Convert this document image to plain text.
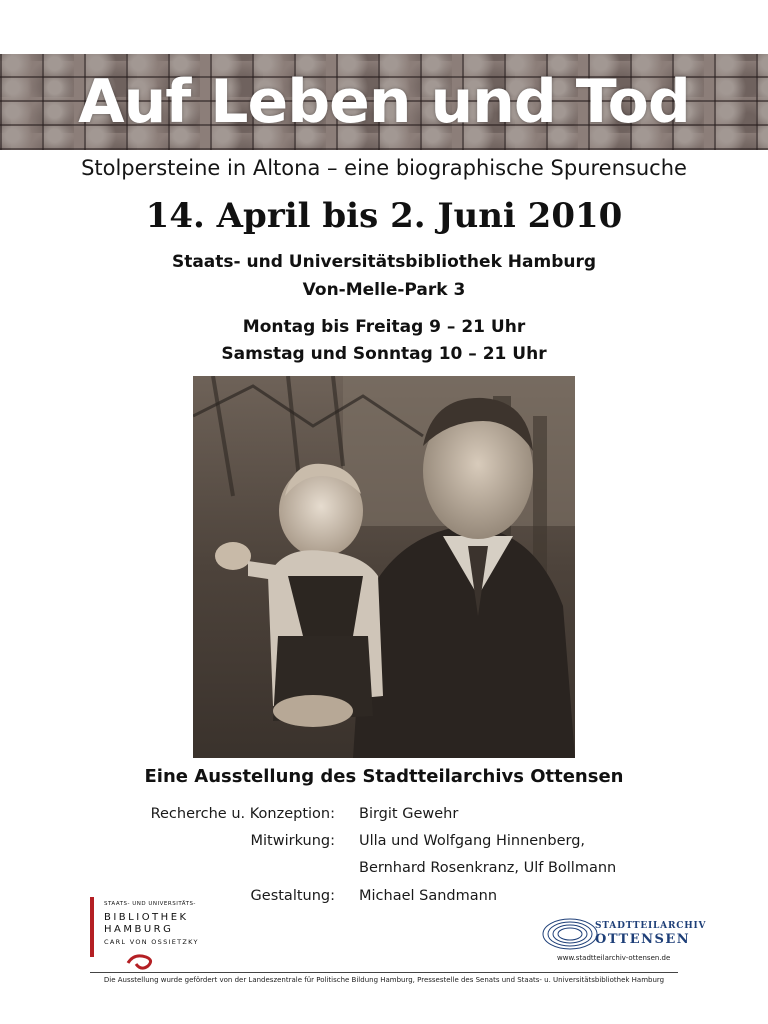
Auf Leben und Tod
Stolpersteine in Altona – eine biographische Spurensuche
14. April bis 2. Juni 2010
Staats- und Universitätsbibliothek Hamburg
Von-Melle-Park 3
Montag bis Freitag 9 – 21 Uhr
Samstag und Sonntag 10 – 21 Uhr
Eine Ausstellung des Stadtteilarchivs Ottensen
Recherche u. Konzeption: Birgit Gewehr
Mitwirkung: Ulla und Wolfgang Hinnenberg,
Bernhard Rosenkranz, Ulf Bollmann
Gestaltung: Michael Sandmann
STAATS- UND UNIVERSITÄTS-
BIBLIOTHEK
HAMBURG
CARL VON OSSIETZKY
STADTTEILARCHIV
OTTENSEN
www.stadtteilarchiv-ottensen.de
Die Ausstellung wurde gefördert von der Landeszentrale für Politische Bildung Hamburg, Pressestelle des Senats und Staats- u. Universitätsbibliothek Hamburg
